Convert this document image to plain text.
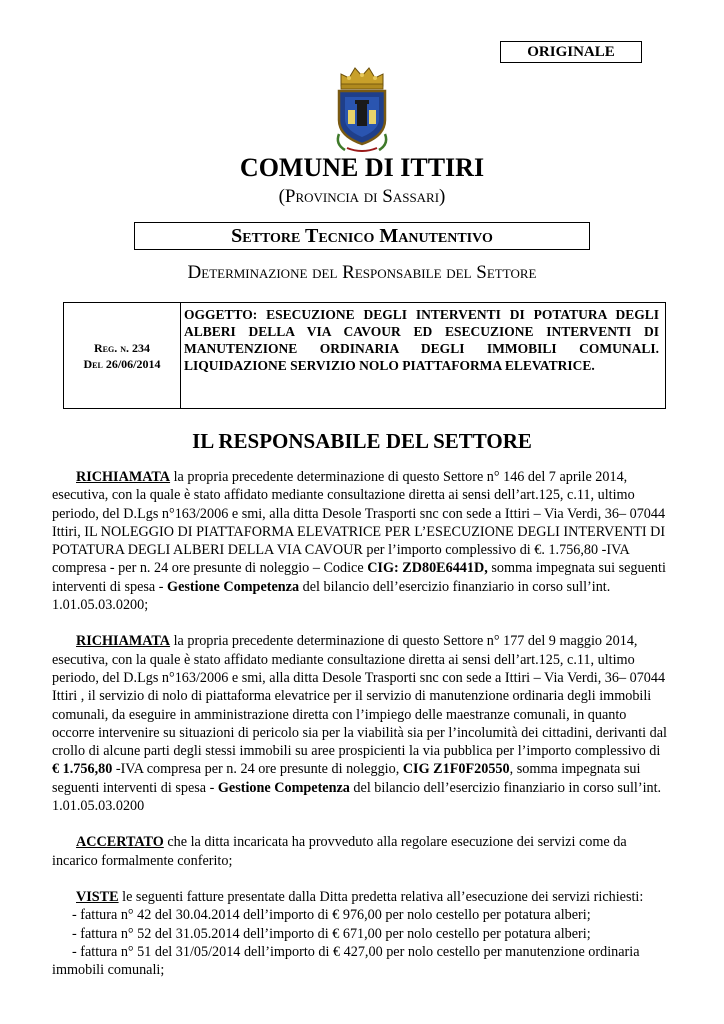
ORIGINALE
COMUNE DI ITTIRI
(Provincia di Sassari)
Settore Tecnico Manutentivo
Determinazione del Responsabile del Settore
Reg. n. 234
Del 26/06/2014
OGGETTO: ESECUZIONE DEGLI INTERVENTI DI POTATURA DEGLI ALBERI DELLA VIA CAVOUR ED ESECUZIONE INTERVENTI DI MANUTENZIONE ORDINARIA DEGLI IMMOBILI COMUNALI. LIQUIDAZIONE SERVIZIO NOLO PIATTAFORMA ELEVATRICE.
IL RESPONSABILE DEL SETTORE

RICHIAMATA la propria precedente determinazione di questo Settore n° 146 del 7 aprile 2014, esecutiva, con la quale è stato affidato mediante consultazione diretta ai sensi dell’art.125, c.11, ultimo periodo, del D.Lgs n°163/2006 e smi, alla ditta Desole Trasporti snc con sede a Ittiri – Via Verdi, 36– 07044 Ittiri, IL NOLEGGIO DI PIATTAFORMA ELEVATRICE PER L’ESECUZIONE DEGLI INTERVENTI DI POTATURA DEGLI ALBERI DELLA VIA CAVOUR per l’importo complessivo di €. 1.756,80 -IVA compresa - per n. 24 ore presunte di noleggio – Codice CIG: ZD80E6441D, somma impegnata sui seguenti interventi di spesa - Gestione Competenza del bilancio dell’esercizio finanziario in corso sull’int. 1.01.05.03.0200;

RICHIAMATA la propria precedente determinazione di questo Settore n° 177 del 9 maggio 2014, esecutiva, con la quale è stato affidato mediante consultazione diretta ai sensi dell’art.125, c.11, ultimo periodo, del D.Lgs n°163/2006 e smi, alla ditta Desole Trasporti snc con sede a Ittiri – Via Verdi, 36– 07044 Ittiri , il servizio di nolo di piattaforma elevatrice per il servizio di manutenzione ordinaria degli immobili comunali, da eseguire in amministrazione diretta con l’impiego delle maestranze comunali, in quanto occorre intervenire su situazioni di pericolo sia per la viabilità sia per l’incolumità dei cittadini, derivanti dal crollo di alcune parti degli stessi immobili su aree prospicienti la via pubblica per l’importo complessivo di € 1.756,80 -IVA compresa per n. 24 ore presunte di noleggio, CIG Z1F0F20550, somma impegnata sui seguenti interventi di spesa - Gestione Competenza del bilancio dell’esercizio finanziario in corso sull’int. 1.01.05.03.0200

ACCERTATO che la ditta incaricata ha provveduto alla regolare esecuzione dei servizi come da incarico formalmente conferito;

VISTE le seguenti fatture presentate dalla Ditta predetta relativa all’esecuzione dei servizi richiesti:

- fattura n° 42 del 30.04.2014 dell’importo di € 976,00 per nolo cestello per potatura alberi;

- fattura n° 52 del 31.05.2014 dell’importo di € 671,00 per nolo cestello per potatura alberi;

- fattura n° 51 del 31/05/2014 dell’importo di € 427,00 per nolo cestello per manutenzione ordinaria immobili comunali;
